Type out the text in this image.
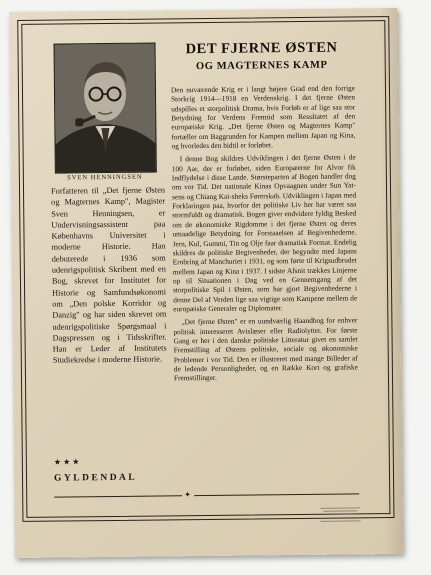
SVEN HENNINGSEN
Forfatteren til „Det fjerne Østen og Magternes Kamp", Magister Sven Henningsen, er Undervisningsassistent paa Københavns Universitet i moderne Historie. Han debuterede i 1936 som udenrigspolitisk Skribent med en Bog, skrevet for Institutet for Historie og Samfundsøkonomi om „Den polske Korridor og Danzig" og har siden skrevet om udenrigspolitiske Spørgsmaal i Dagspressen og i Tidsskrifter. Han er Leder af Institutets Studiekredse i moderne Historie.
DET FJERNE ØSTEN
OG MAGTERNES KAMP

Den nuværende Krig er i langt højere Grad end den forrige Storkrig 1914—1918 en Verdenskrig. I det fjerne Østen udspilles et storpolitisk Drama, hvis Forløb er af lige saa stor Betydning for Verdens Fremtid som Resultatet af den europæiske Krig. „Det fjerne Østen og Magternes Kamp" fortæller om Baggrunden for Kampen mellem Japan og Kina, og hvorledes den hidtil er forløbet.

I denne Bog skildres Udviklingen i det fjerne Østen i de 100 Aar, der er forløbet, siden Europæerne for Alvor fik Indflydelse i disse Lande. Størsteparten af Bogen handler dog om vor Tid. Det nationale Kinas Opvaagnen under Sun Yat-sens og Chiang Kai-sheks Førerskab. Udviklingen i Japan med Forklaringen paa, hvorfor det politiske Liv her har været saa stormfuldt og dramatisk. Bogen giver endvidere fyldig Besked om de økonomiske Rigdomme i det fjerne Østen og deres umaadelige Betydning for Forstaaelsen af Begivenhederne. Jern, Kul, Gummi, Tin og Olje faar dramatisk Format. Endelig skildres de politiske Begivenheder, der begyndte med Japans Erobring af Manchuriet i 1931, og som førte til Krigsudbrudet mellem Japan og Kina i 1937. I sidste Afsnit trækkes Linjerne op til Situationen i Dag ved en Gennemgang af det storpolitiske Spil i Østen, som har gjort Begivenhederne i denne Del af Verden lige saa vigtige som Kampene mellem de europæiske Generaler og Diplomater.

„Det fjerne Østen" er en uundværlig Haandbog for enhver politisk interesseret Avislæser eller Radiolytter. For første Gang er her i den danske politiske Litteratur givet en samlet Fremstilling af Østens politiske, sociale og økonomiske Problemer i vor Tid. Den er illustreret med mange Billeder af de ledende Personligheder, og en Række Kort og grafiske Fremstillinger.

★★★
GYLDENDAL
✦
